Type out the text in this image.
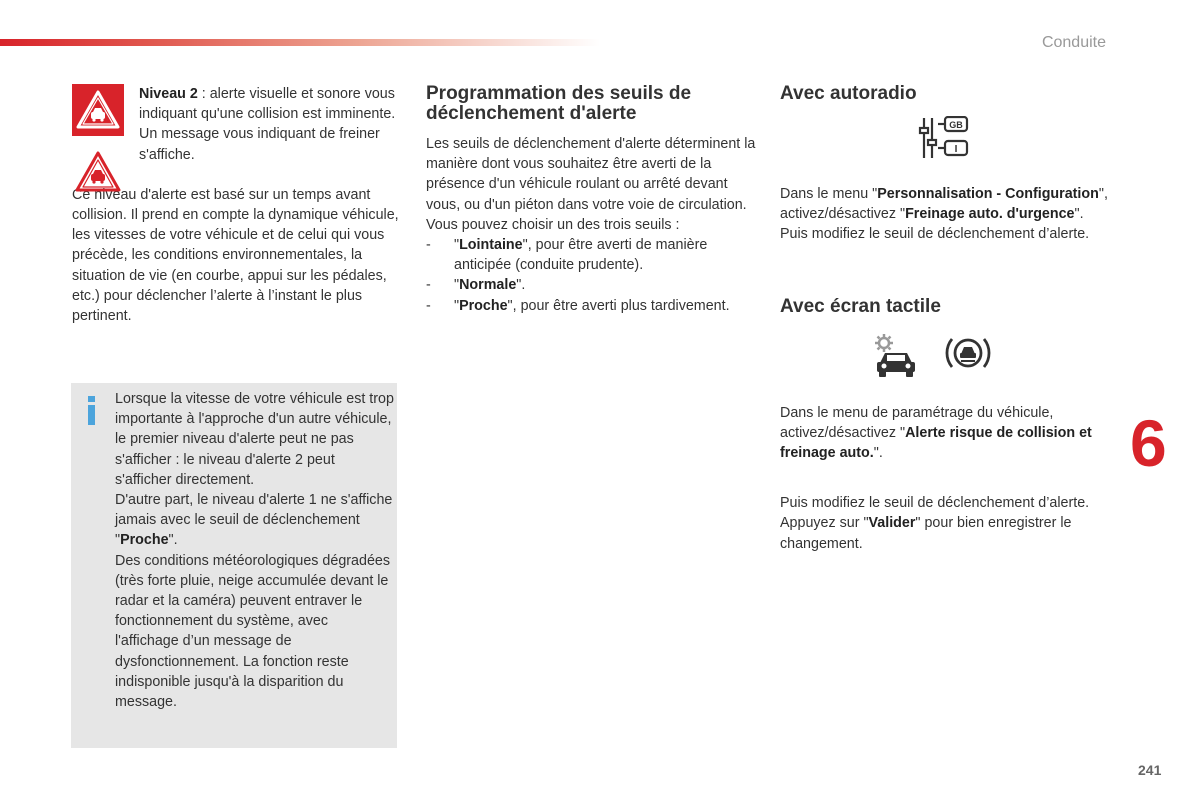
Conduite
6
241

Niveau 2 : alerte visuelle et sonore vous indiquant qu'une collision est imminente.

Un message vous indiquant de freiner s'affiche.

Ce niveau d'alerte est basé sur un temps avant collision. Il prend en compte la dynamique véhicule, les vitesses de votre véhicule et de celui qui vous précède, les conditions environnementales, la situation de vie (en courbe, appui sur les pédales, etc.) pour déclencher l’alerte à l’instant le plus pertinent.

Lorsque la vitesse de votre véhicule est trop importante à l'approche d'un autre véhicule, le premier niveau d'alerte peut ne pas s'afficher : le niveau d'alerte 2 peut s'afficher directement.

D'autre part, le niveau d'alerte 1 ne s'affiche jamais avec le seuil de déclenchement "Proche".

Des conditions météorologiques dégradées (très forte pluie, neige accumulée devant le radar et la caméra) peuvent entraver le fonctionnement du système, avec l'affichage d’un message de dysfonctionnement. La fonction reste indisponible jusqu'à la disparition du message.

Programmation des seuils de déclenchement d'alerte

Les seuils de déclenchement d'alerte déterminent la manière dont vous souhaitez être averti de la présence d'un véhicule roulant ou arrêté devant vous, ou d'un piéton dans votre voie de circulation.

Vous pouvez choisir un des trois seuils :

- "Lointaine", pour être averti de manière anticipée (conduite prudente).
- "Normale".
- "Proche", pour être averti plus tardivement.
Avec autoradio
GB
I

Dans le menu "Personnalisation - Configuration", activez/désactivez "Freinage auto. d'urgence".

Puis modifiez le seuil de déclenchement d’alerte.

Avec écran tactile

Dans le menu de paramétrage du véhicule, activez/désactivez "Alerte risque de collision et freinage auto.".

Puis modifiez le seuil de déclenchement d’alerte.

Appuyez sur "Valider" pour bien enregistrer le changement.
